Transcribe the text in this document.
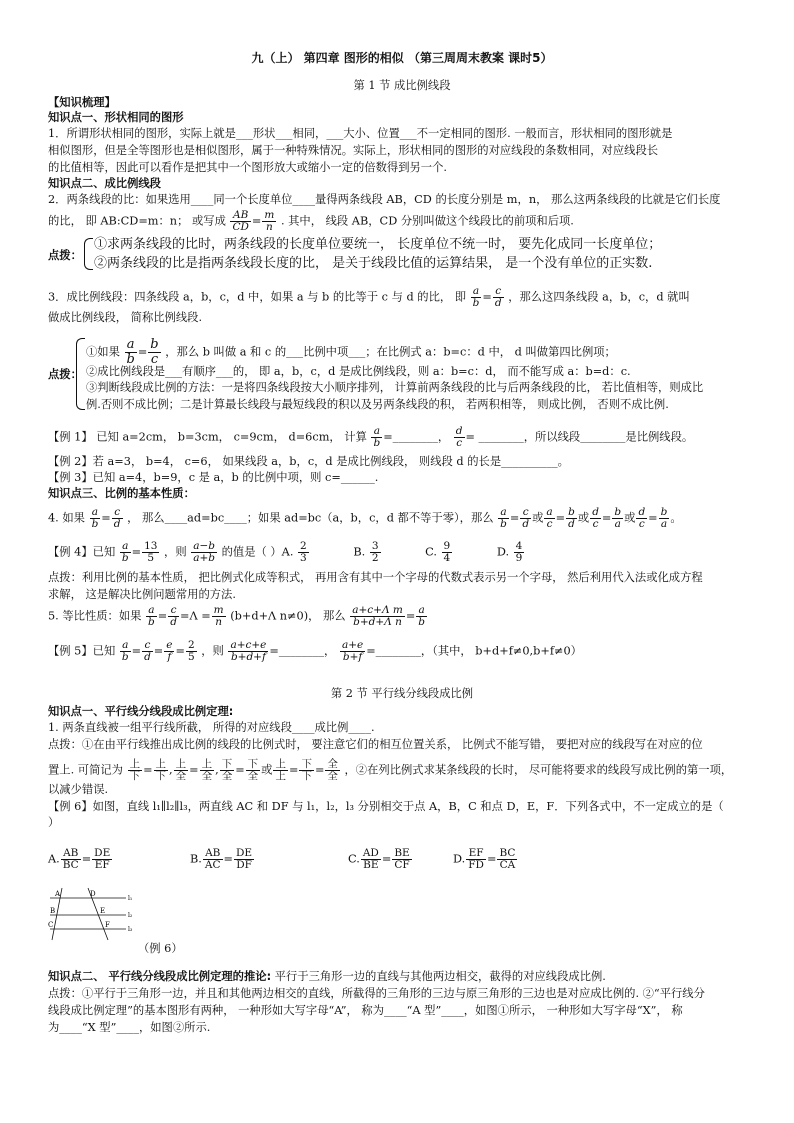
九（上） 第四章 图形的相似 （第三周周末教案 课时5）
第 1 节 成比例线段
【知识梳理】
知识点一、形状相同的图形
1．所谓形状相同的图形，实际上就是___形状___相同，___大小、位置___不一定相同的图形. 一般而言，形状相同的图形就是
相似图形，但是全等图形也是相似图形，属于一种特殊情况。实际上，形状相同的图形的对应线段的条数相同，对应线段长
的比值相等，因此可以看作是把其中一个图形放大或缩小一定的倍数得到另一个.
知识点二、成比例线段
2．两条线段的比：如果选用____同一个长度单位____量得两条线段 AB，CD 的长度分别是 m，n， 那么这两条线段的比就是它们长度
的比， 即 AB:CD=m：n； 或写成 $\frac{AB}{CD} = \frac{m}{n}$ . 其中， 线段 AB，CD 分别叫做这个线段比的前项和后项.
点拨：
①求两条线段的比时，两条线段的长度单位要统一， 长度单位不统一时， 要先化成同一长度单位；
②两条线段的比是指两条线段长度的比， 是关于线段比值的运算结果， 是一个没有单位的正实数.
3．成比例线段：四条线段 a，b，c，d 中，如果 a 与 b 的比等于 c 与 d 的比， 即 $\frac{a}{b} = \frac{c}{d}$ ，那么这四条线段 a，b，c，d 就叫
做成比例线段， 简称比例线段.
点拨：
①如果 $\frac{a}{b} = \frac{b}{c}$ ，那么 b 叫做 a 和 c 的___比例中项___；在比例式 a：b=c：d 中， d 叫做第四比例项；
②成比例线段是___有顺序___的， 即 a，b，c，d 是成比例线段，则 a：b=c：d， 而不能写成 a：b=d：c.
③判断线段成比例的方法：一是将四条线段按大小顺序排列， 计算前两条线段的比与后两条线段的比， 若比值相等，则成比
例.否则不成比例；二是计算最长线段与最短线段的积以及另两条线段的积， 若两积相等， 则成比例， 否则不成比例.
【例 1】 已知 a=2cm， b=3cm， c=9cm， d=6cm， 计算 $\frac{a}{b}$ =________， $\frac{d}{c}$ = ________，所以线段________是比例线段。
【例 2】若 a=3， b=4， c=6， 如果线段 a，b，c，d 是成比例线段， 则线段 d 的长是__________。
【例 3】已知 a=4，b=9，c 是 a，b 的比例中项，则 c=______.
知识点三、比例的基本性质：
4. 如果 $\frac{a}{b} = \frac{c}{d}$ ， 那么____ad=bc____；如果 ad=bc（a，b，c，d 都不等于零），那么 $\frac{a}{b} = \frac{c}{d}$ 或 $\frac{a}{c} = \frac{b}{d}$ 或 $\frac{d}{c} = \frac{b}{a}$ 或 $\frac{d}{c} = \frac{b}{a}$ 。
【例 4】已知 $\frac{a}{b} = \frac{13}{5}$ ，则 $\frac{a-b}{a+b}$ 的值是（ ）A. $\frac{2}{3}$	B. $\frac{3}{2}$	C. $\frac{9}{4}$	D. $\frac{4}{9}$
点拨：利用比例的基本性质， 把比例式化成等积式， 再用含有其中一个字母的代数式表示另一个字母， 然后利用代入法或化成方程
求解， 这是解决比例问题常用的方法.
5. 等比性质：如果 $\frac{a}{b} = \frac{c}{d} =\Lambda = \frac{m}{n} (b+d+\Lambda$ n≠0)， 那么 $\frac{\text{a+c+Λ m}}{\text{b+d+Λ n}} = \frac{a}{b}$
【例 5】已知 $\frac{a}{b} = \frac{c}{d} = \frac{e}{f} = \frac{2}{5}$ ，则 $\frac{a+c+e}{b+d+f}$ =________， $\frac{a+e}{b+f}$ =________，（其中， b+d+f≠0,b+f≠0）
第 2 节 平行线分线段成比例
知识点一、平行线分线段成比例定理:
1. 两条直线被一组平行线所截， 所得的对应线段____成比例____.
点拨：①在由平行线推出成比例的线段的比例式时， 要注意它们的相互位置关系， 比例式不能写错， 要把对应的线段写在对应的位
置上. 可简记为 上
下 = 上
下 , 上
全 = 上
全 , 下
全 = 下
全 或 上
上 = 下
下 = 全
全 ，②在列比例式求某条线段的长时， 尽可能将要求的线段写成比例的第一项，
以减少错误.
【例 6】如图，直线 l₁∥l₂∥l₃，两直线 AC 和 DF 与 l₁，l₂，l₃ 分别相交于点 A，B，C 和点 D，E，F．下列各式中，不一定成立的是（
）
A. $\frac{AB}{BC} = \frac{DE}{EF}$	B. $\frac{AB}{AC} = \frac{DE}{DF}$	C. $\frac{AD}{BE} = \frac{BE}{CF}$	D. $\frac{EF}{FD} = \frac{BC}{CA}$
A	D
B	E
C	F
l₁
l₂
l₃
（例 6）
知识点二、 平行线分线段成比例定理的推论: 平行于三角形一边的直线与其他两边相交，截得的对应线段成比例.
点拨：①平行于三角形一边，并且和其他两边相交的直线，所截得的三角形的三边与原三角形的三边也是对应成比例的. ②“平行线分
线段成比例定理”的基本图形有两种， 一种形如大写字母“A”， 称为____“A 型”____，如图①所示， 一种形如大写字母“X”， 称
为____“X 型”____，如图②所示.
